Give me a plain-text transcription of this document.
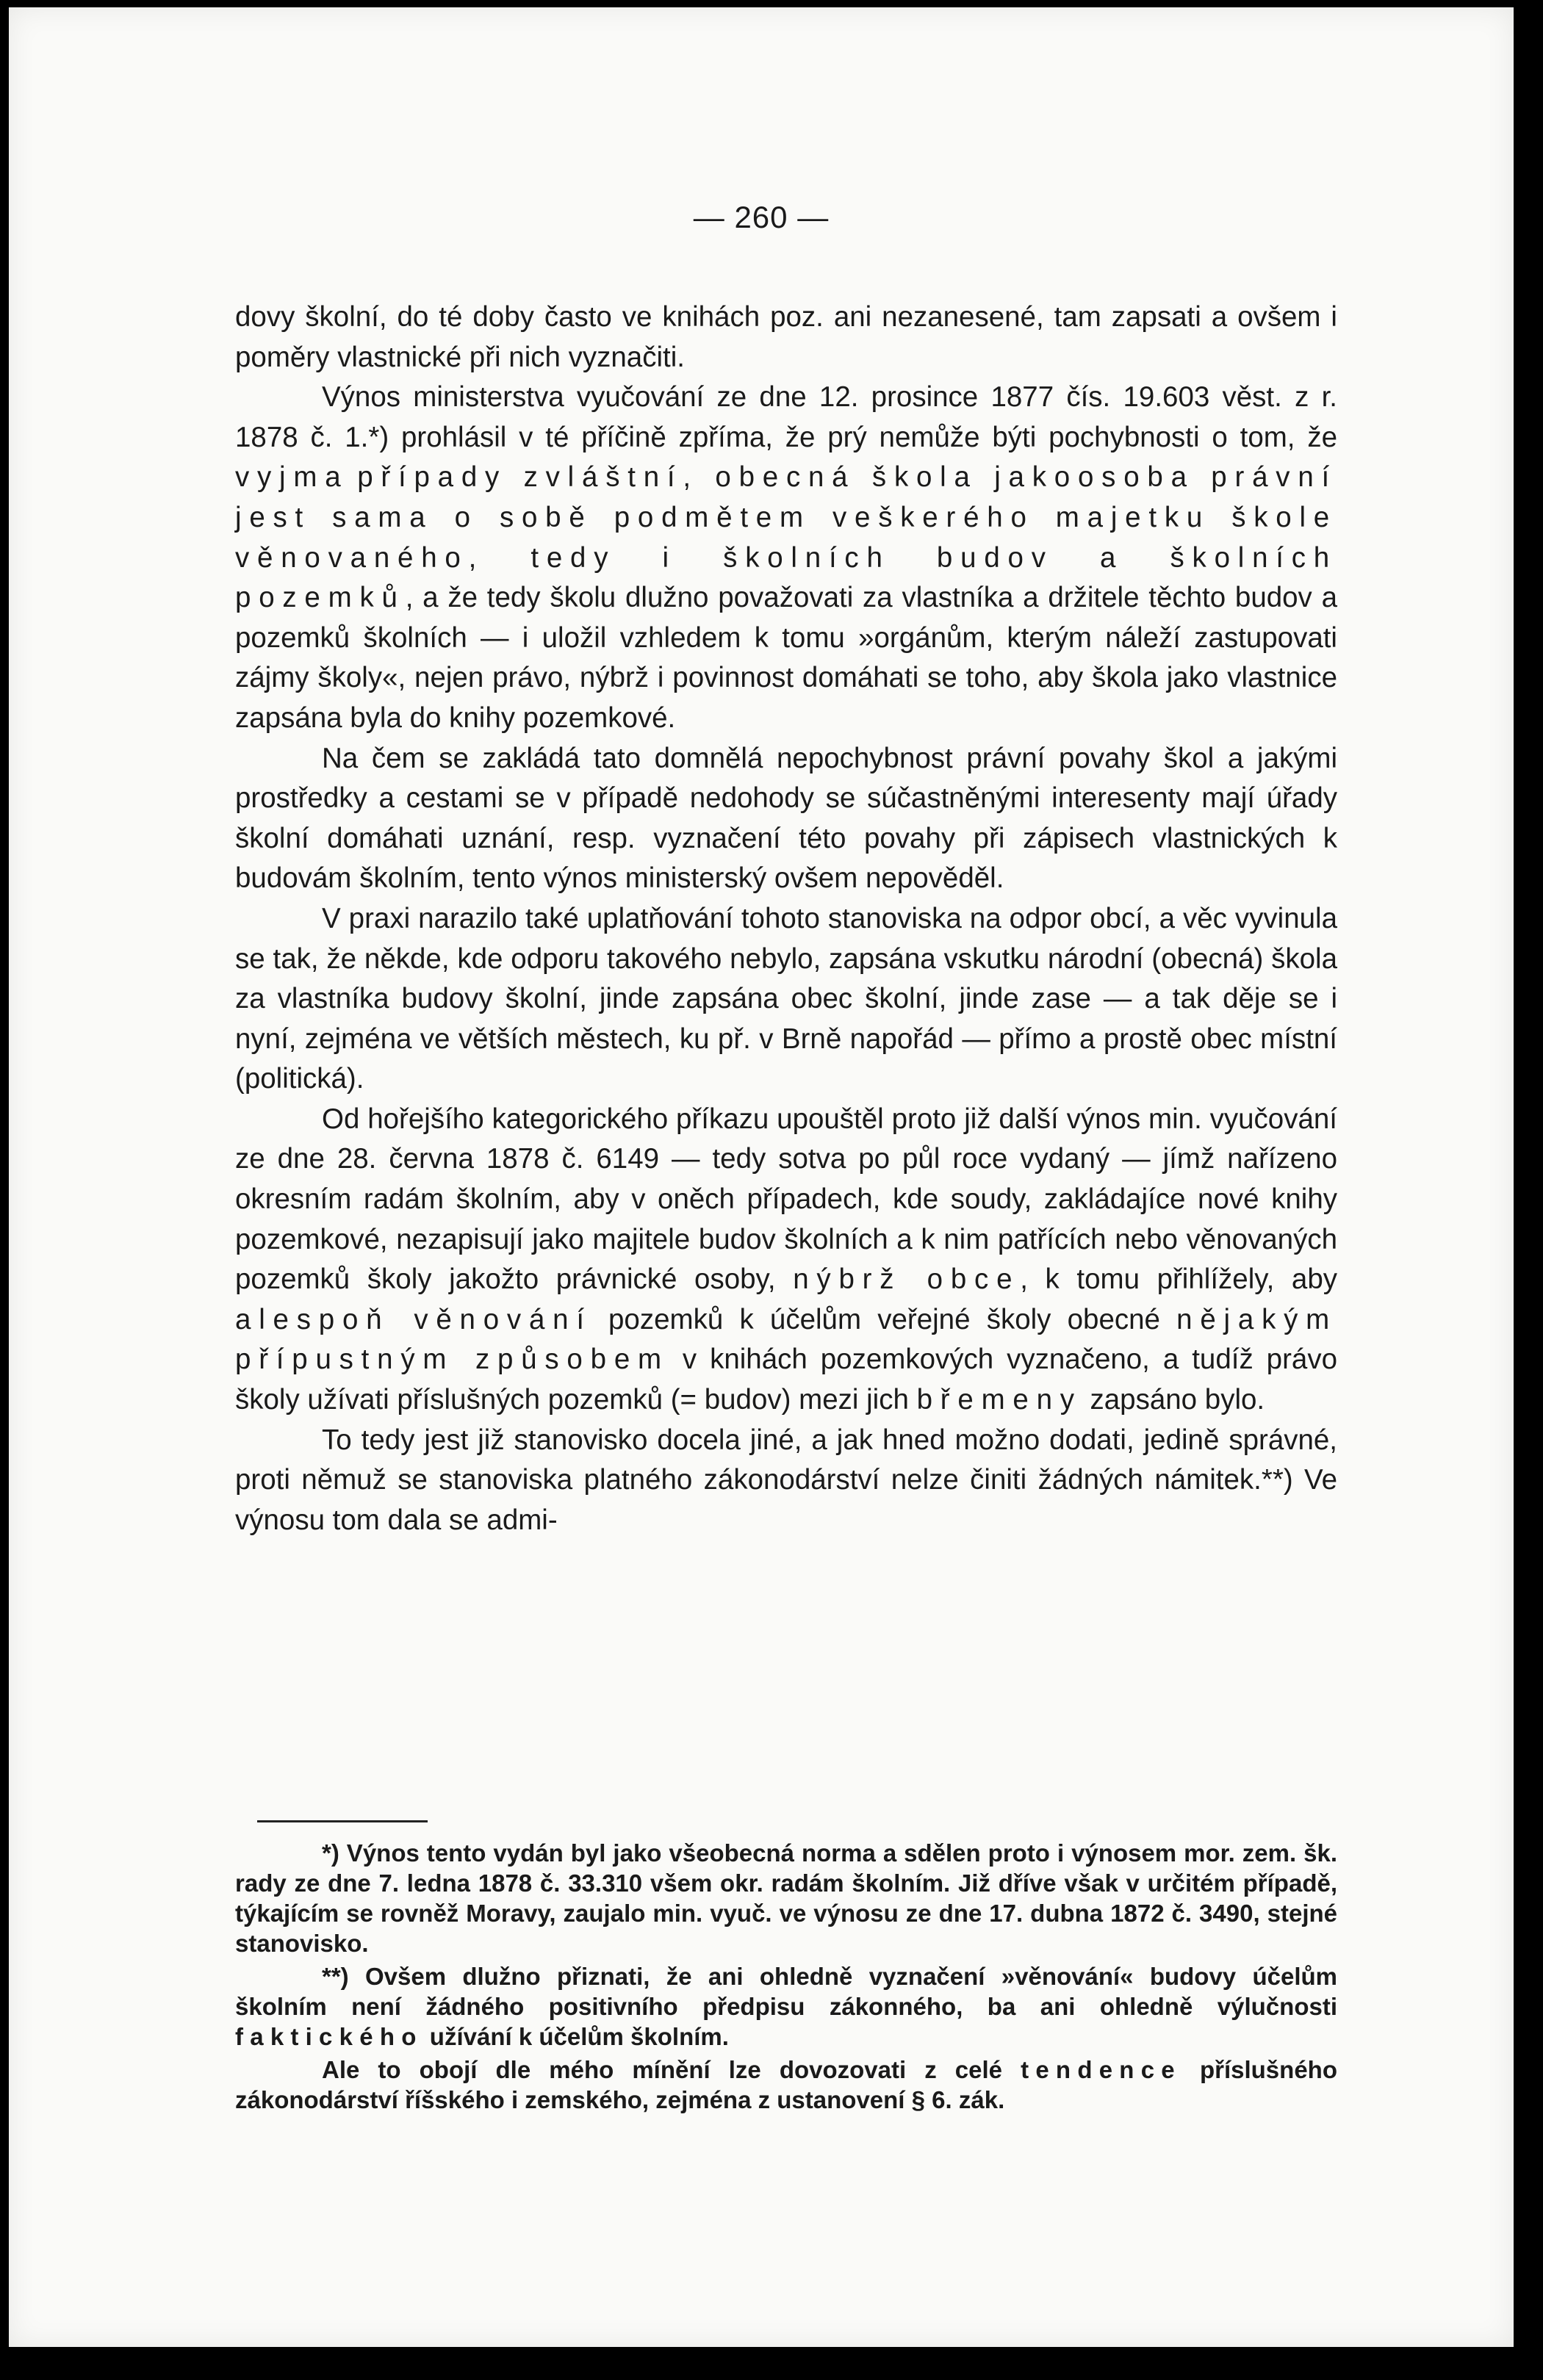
— 260 —

dovy školní, do té doby často ve knihách poz. ani nezanesené, tam zapsati a ovšem i poměry vlastnické při nich vyznačiti.

Výnos ministerstva vyučování ze dne 12. prosince 1877 čís. 19.603 věst. z r. 1878 č. 1.*) prohlásil v té příčině zpříma, že prý nemůže býti pochybnosti o tom, že vyjma případy zvláštní, obecná škola jakoosoba právní jest sama o sobě podmětem veškerého majetku škole věnovaného, tedy i školních budov a školních pozemků, a že tedy školu dlužno považovati za vlastníka a držitele těchto budov a pozemků školních — i uložil vzhledem k tomu »orgánům, kterým náleží zastupovati zájmy školy«, nejen právo, nýbrž i povinnost domáhati se toho, aby škola jako vlastnice zapsána byla do knihy pozemkové.

Na čem se zakládá tato domnělá nepochybnost právní povahy škol a jakými prostředky a cestami se v případě nedohody se súčastněnými interesenty mají úřady školní domáhati uznání, resp. vyznačení této povahy při zápisech vlastnických k budovám školním, tento výnos ministerský ovšem nepověděl.

V praxi narazilo také uplatňování tohoto stanoviska na odpor obcí, a věc vyvinula se tak, že někde, kde odporu takového nebylo, zapsána vskutku národní (obecná) škola za vlastníka budovy školní, jinde zapsána obec školní, jinde zase — a tak děje se i nyní, zejména ve větších městech, ku př. v Brně napořád — přímo a prostě obec místní (politická).

Od hořejšího kategorického příkazu upouštěl proto již další výnos min. vyučování ze dne 28. června 1878 č. 6149 — tedy sotva po půl roce vydaný — jímž nařízeno okresním radám školním, aby v oněch případech, kde soudy, zakládajíce nové knihy pozemkové, nezapisují jako majitele budov školních a k nim patřících nebo věnovaných pozemků školy jakožto právnické osoby, nýbrž obce, k tomu přihlížely, aby alespoň věnování pozemků k účelům veřejné školy obecné nějakým přípustným způsobem v knihách pozemkových vyznačeno, a tudíž právo školy užívati příslušných pozemků (= budov) mezi jich břemeny zapsáno bylo.

To tedy jest již stanovisko docela jiné, a jak hned možno dodati, jedině správné, proti němuž se stanoviska platného zákonodárství nelze činiti žádných námitek.**) Ve výnosu tom dala se admi-

*) Výnos tento vydán byl jako všeobecná norma a sdělen proto i výnosem mor. zem. šk. rady ze dne 7. ledna 1878 č. 33.310 všem okr. radám školním. Již dříve však v určitém případě, týkajícím se rovněž Moravy, zaujalo min. vyuč. ve výnosu ze dne 17. dubna 1872 č. 3490, stejné stanovisko.

**) Ovšem dlužno přiznati, že ani ohledně vyznačení »věnování« budovy účelům školním není žádného positivního předpisu zákonného, ba ani ohledně výlučnosti faktického užívání k účelům školním.

Ale to obojí dle mého mínění lze dovozovati z celé tendence příslušného zákonodárství říšského i zemského, zejména z ustanovení § 6. zák.
